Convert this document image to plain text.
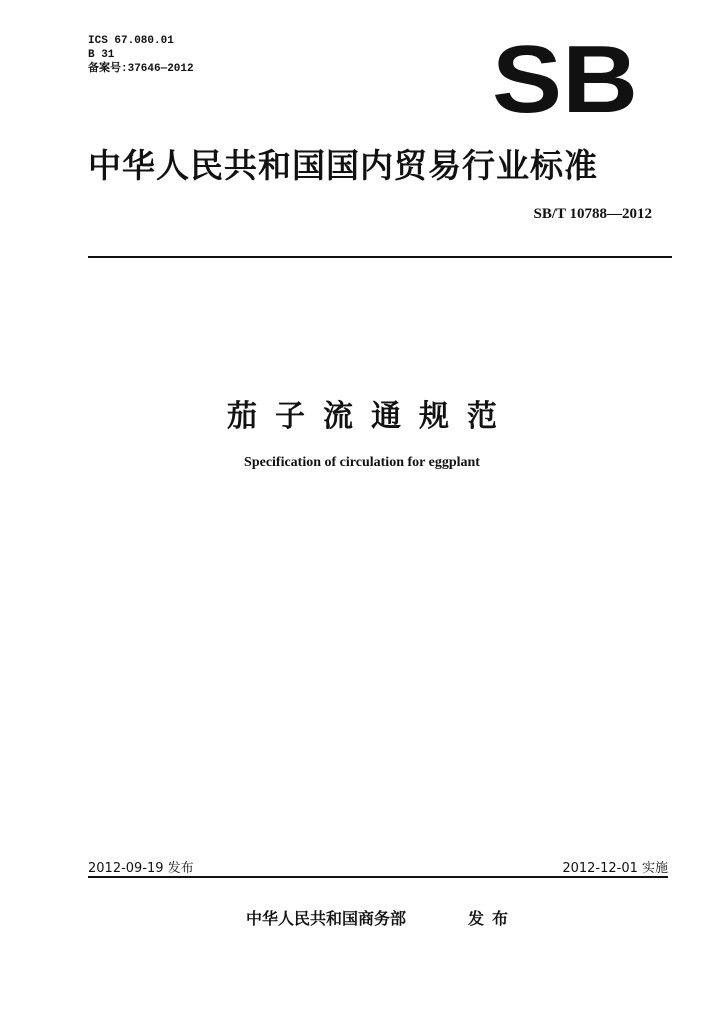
ICS 67.080.01
B 31
备案号:37646—2012	SB
中华人民共和国国内贸易行业标准
SB/T 10788—2012
茄子流通规范
Specification of circulation for eggplant
2012-09-19 发布	2012-12-01 实施
中华人民共和国商务部	发布
